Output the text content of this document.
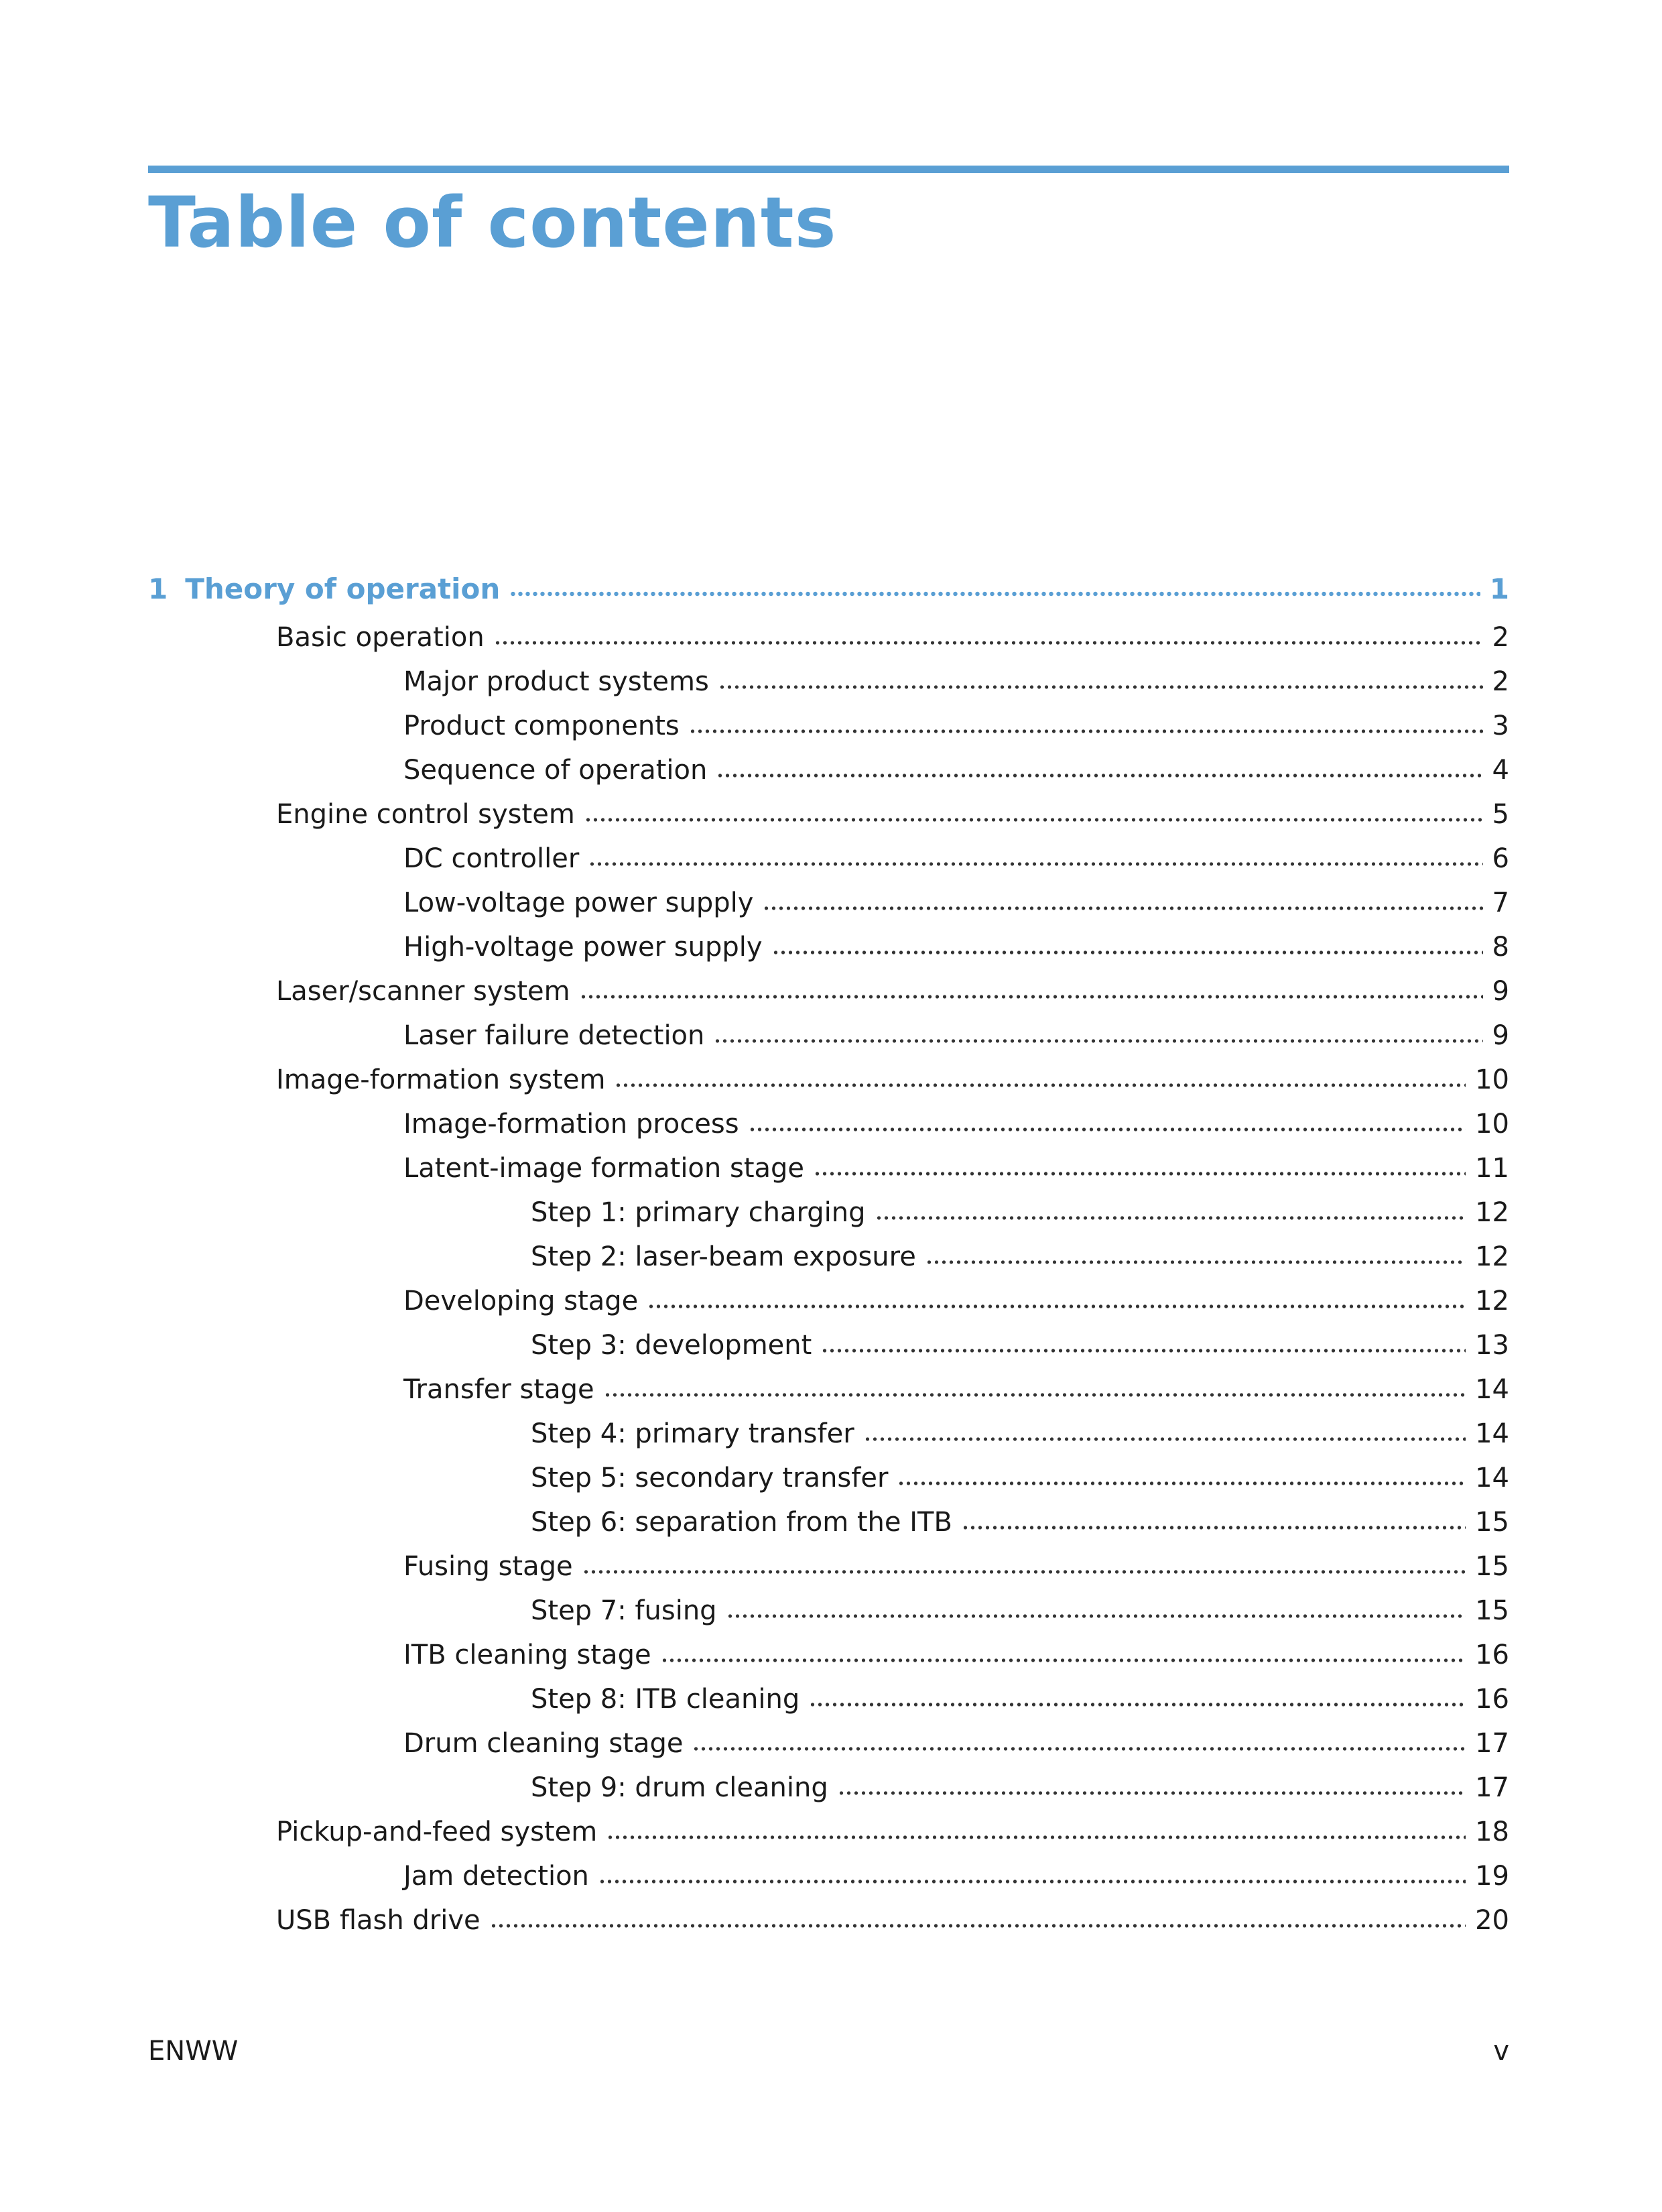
Table of contents
1 Theory of operation	1
Basic operation	2
Major product systems	2
Product components	3
Sequence of operation	4
Engine control system	5
DC controller	6
Low-voltage power supply	7
High-voltage power supply	8
Laser/scanner system	9
Laser failure detection	9
Image-formation system	10
Image-formation process	10
Latent-image formation stage	11
Step 1: primary charging	12
Step 2: laser-beam exposure	12
Developing stage	12
Step 3: development	13
Transfer stage	14
Step 4: primary transfer	14
Step 5: secondary transfer	14
Step 6: separation from the ITB	15
Fusing stage	15
Step 7: fusing	15
ITB cleaning stage	16
Step 8: ITB cleaning	16
Drum cleaning stage	17
Step 9: drum cleaning	17
Pickup-and-feed system	18
Jam detection	19
USB flash drive	20
ENWW	v
